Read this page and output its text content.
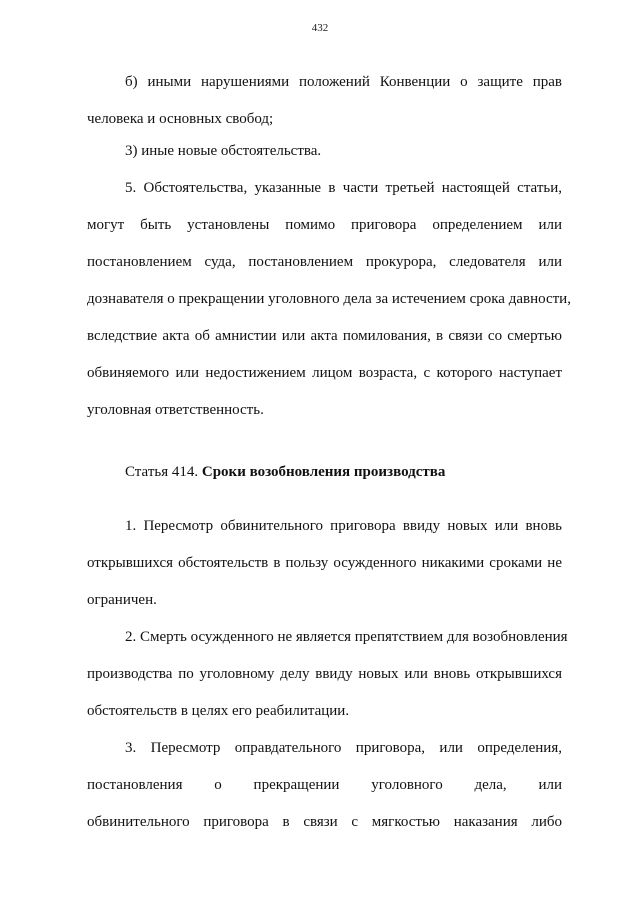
432
б) иными нарушениями положений Конвенции о защите прав
человека и основных свобод;
3) иные новые обстоятельства.
5. Обстоятельства, указанные в части третьей настоящей статьи,
могут быть установлены помимо приговора определением или
постановлением суда, постановлением прокурора, следователя или
дознавателя о прекращении уголовного дела за истечением срока давности,
вследствие акта об амнистии или акта помилования, в связи со смертью
обвиняемого или недостижением лицом возраста, с которого наступает
уголовная ответственность.
Статья 414. Сроки возобновления производства
1. Пересмотр обвинительного приговора ввиду новых или вновь
открывшихся обстоятельств в пользу осужденного никакими сроками не
ограничен.
2. Смерть осужденного не является препятствием для возобновления
производства по уголовному делу ввиду новых или вновь открывшихся
обстоятельств в целях его реабилитации.
3. Пересмотр оправдательного приговора, или определения,
постановления о прекращении уголовного дела, или
обвинительного приговора в связи с мягкостью наказания либо
